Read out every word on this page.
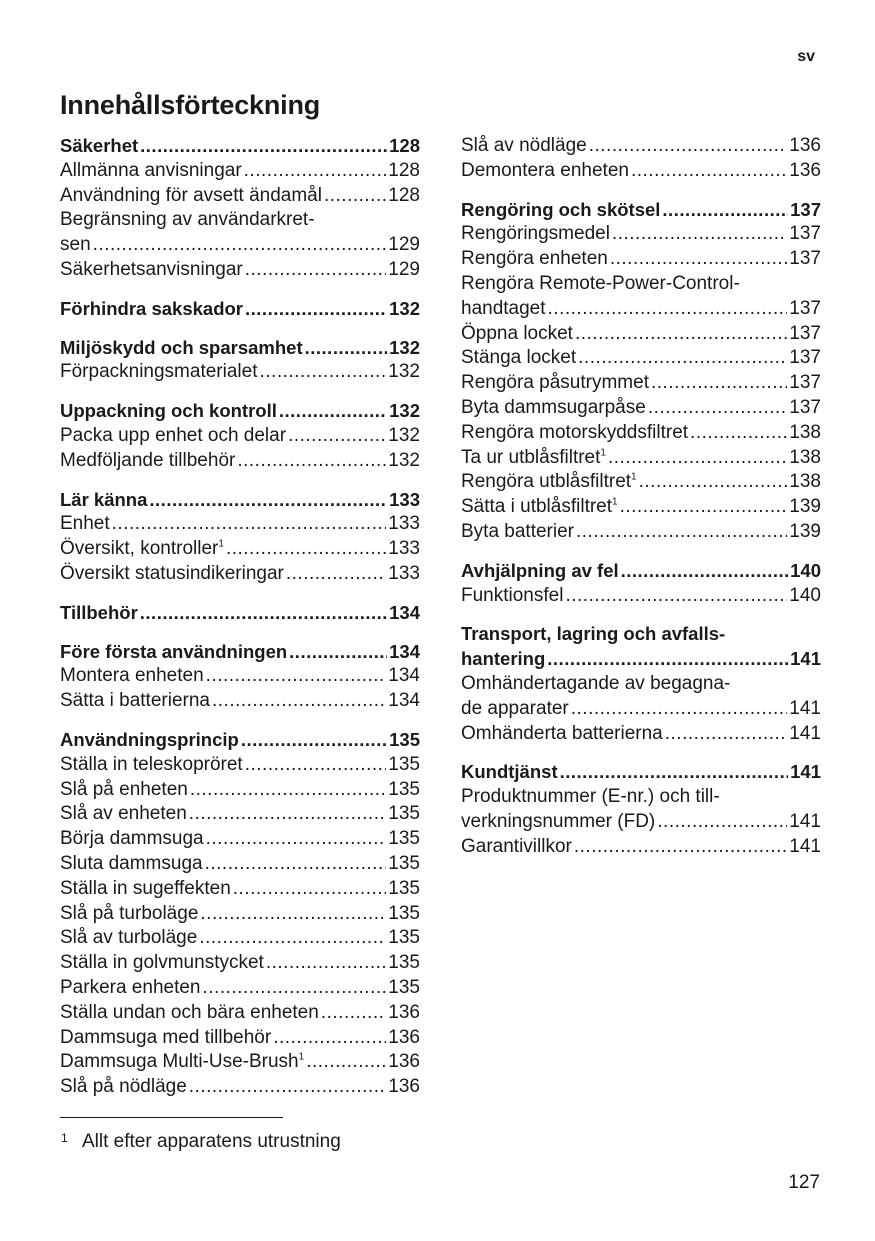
sv
Innehållsförteckning
Säkerhet .....	128
Allmänna anvisningar .....	128
Användning för avsett ändamål .....	128
Begränsning av användarkret-
sen .....	129
Säkerhetsanvisningar .....	129
Förhindra sakskador .....	132
Miljöskydd och sparsamhet .....	132
Förpackningsmaterialet .....	132
Uppackning och kontroll .....	132
Packa upp enhet och delar .....	132
Medföljande tillbehör .....	132
Lär känna .....	133
Enhet .....	133
Översikt, kontroller$^1$ .....	133
Översikt statusindikeringar .....	133
Tillbehör .....	134
Före första användningen .....	134
Montera enheten .....	134
Sätta i batterierna .....	134
Användningsprincip .....	135
Ställa in teleskopröret .....	135
Slå på enheten .....	135
Slå av enheten .....	135
Börja dammsuga .....	135
Sluta dammsuga .....	135
Ställa in sugeffekten .....	135
Slå på turboläge .....	135
Slå av turboläge .....	135
Ställa in golvmunstycket .....	135
Parkera enheten .....	135
Ställa undan och bära enheten .....	136
Dammsuga med tillbehör .....	136
Dammsuga Multi-Use-Brush$^1$ .....	136
Slå på nödläge .....	136
Slå av nödläge .....	136
Demontera enheten .....	136
Rengöring och skötsel .....	137
Rengöringsmedel .....	137
Rengöra enheten .....	137
Rengöra Remote-Power-Control-
handtaget .....	137
Öppna locket .....	137
Stänga locket .....	137
Rengöra påsutrymmet .....	137
Byta dammsugarpåse .....	137
Rengöra motorskyddsfiltret .....	138
Ta ur utblåsfiltret$^1$ .....	138
Rengöra utblåsfiltret$^1$ .....	138
Sätta i utblåsfiltret$^1$ .....	139
Byta batterier .....	139
Avhjälpning av fel .....	140
Funktionsfel .....	140
Transport, lagring och avfalls-
hantering .....	141
Omhändertagande av begagna-
de apparater .....	141
Omhänderta batterierna .....	141
Kundtjänst .....	141
Produktnummer (E-nr.) och till-
verkningsnummer (FD) .....	141
Garantivillkor .....	141
1 Allt efter apparatens utrustning
127
